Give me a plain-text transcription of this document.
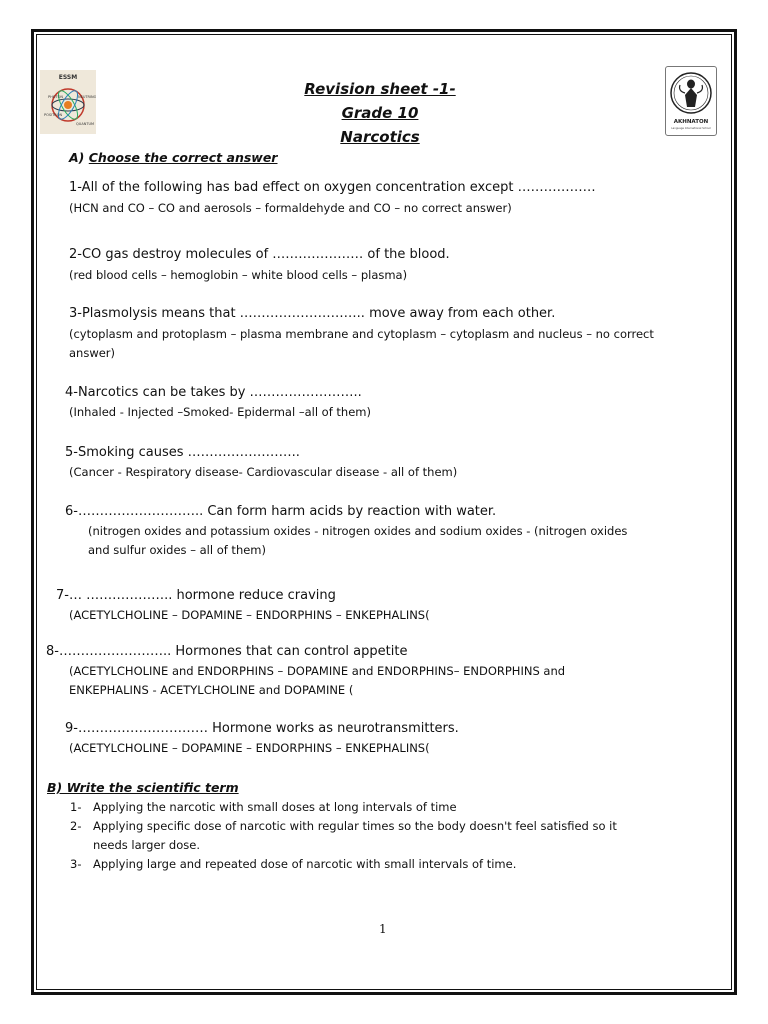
ESSM
PHOTON	NEUTRINO
POSITRON
QUANTUM	AKHNATON
Language International School
Revision sheet -1-
Grade 10
Narcotics
A) Choose the correct answer
1-All of the following has bad effect on oxygen concentration except ………………
(HCN and CO – CO and aerosols – formaldehyde and CO – no correct answer)
2-CO gas destroy molecules of ………………… of the blood.
(red blood cells – hemoglobin – white blood cells – plasma)
3-Plasmolysis means that ……………………….. move away from each other.
(cytoplasm and protoplasm – plasma membrane and cytoplasm – cytoplasm and nucleus – no correct
answer)
4-Narcotics can be takes by ……………………..
(Inhaled - Injected –Smoked- Epidermal –all of them)
5-Smoking causes ……………………..
(Cancer - Respiratory disease- Cardiovascular disease - all of them)
6-……………………….. Can form harm acids by reaction with water.
(nitrogen oxides and potassium oxides - nitrogen oxides and sodium oxides - (nitrogen oxides
and sulfur oxides – all of them)
7-… ……………….. hormone reduce craving
(ACETYLCHOLINE – DOPAMINE – ENDORPHINS – ENKEPHALINS(
8-…………………….. Hormones that can control appetite
(ACETYLCHOLINE and ENDORPHINS – DOPAMINE and ENDORPHINS– ENDORPHINS and
ENKEPHALINS - ACETYLCHOLINE and DOPAMINE (
9-………………………… Hormone works as neurotransmitters.
(ACETYLCHOLINE – DOPAMINE – ENDORPHINS – ENKEPHALINS(
B) Write the scientific term
1- Applying the narcotic with small doses at long intervals of time
2- Applying specific dose of narcotic with regular times so the body doesn't feel satisfied so it
needs larger dose.
3- Applying large and repeated dose of narcotic with small intervals of time.
1
